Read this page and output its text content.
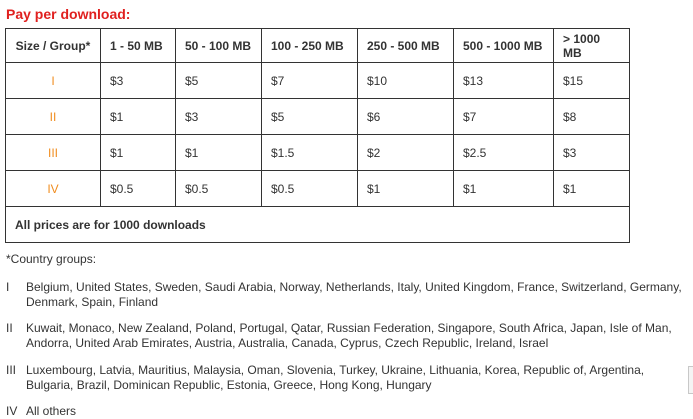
Pay per download:
Size / Group*	1 - 50 MB	50 - 100 MB	100 - 250 MB	250 - 500 MB	500 - 1000 MB	> 1000 MB
I	$3	$5	$7	$10	$13	$15
II	$1	$3	$5	$6	$7	$8
III	$1	$1	$1.5	$2	$2.5	$3
IV	$0.5	$0.5	$0.5	$1	$1	$1
All prices are for 1000 downloads						
*Country groups:
I Belgium, United States, Sweden, Saudi Arabia, Norway, Netherlands, Italy, United Kingdom, France, Switzerland, Germany, Denmark, Spain, Finland
II Kuwait, Monaco, New Zealand, Poland, Portugal, Qatar, Russian Federation, Singapore, South Africa, Japan, Isle of Man, Andorra, United Arab Emirates, Austria, Australia, Canada, Cyprus, Czech Republic, Ireland, Israel
III Luxembourg, Latvia, Mauritius, Malaysia, Oman, Slovenia, Turkey, Ukraine, Lithuania, Korea, Republic of, Argentina, Bulgaria, Brazil, Dominican Republic, Estonia, Greece, Hong Kong, Hungary
IV All others
